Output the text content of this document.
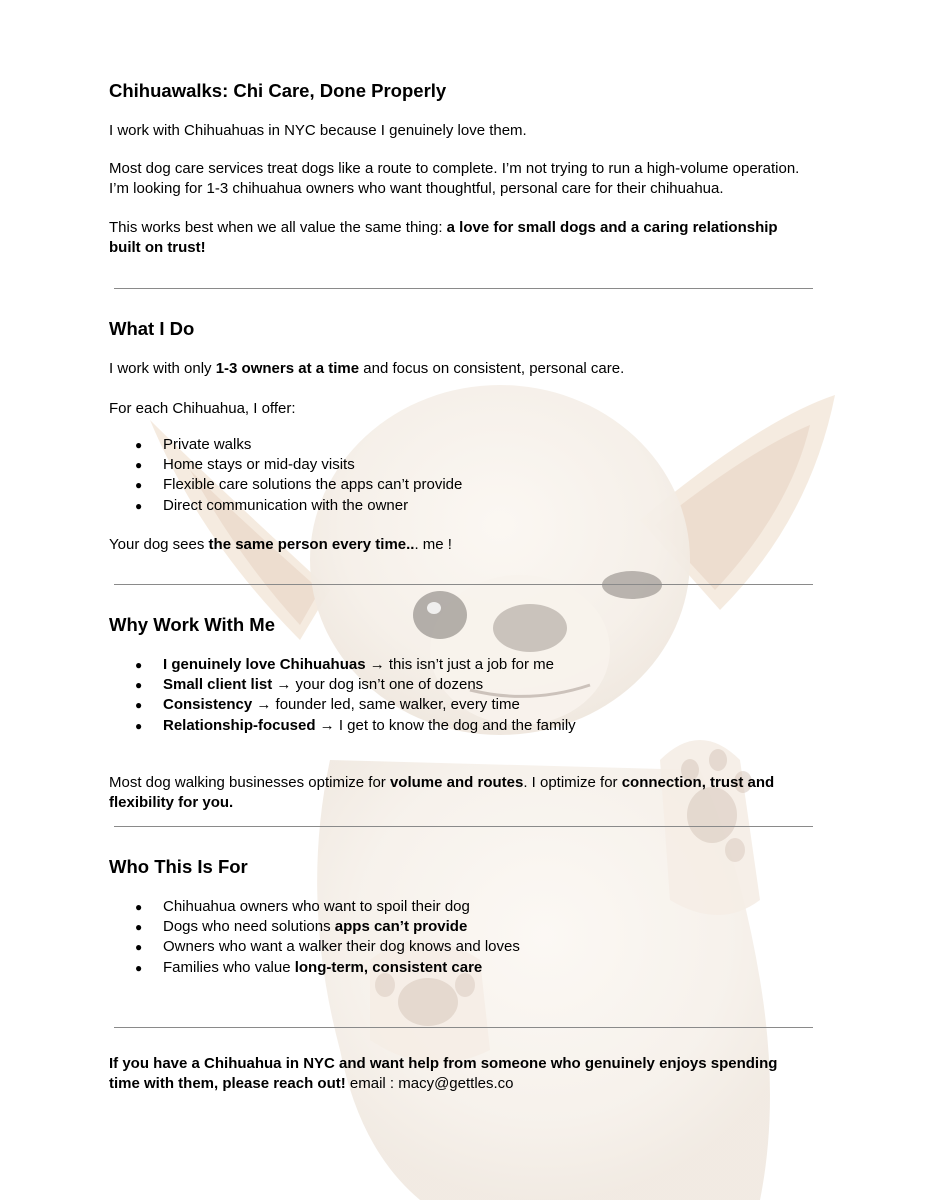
Chihuawalks: Chi Care, Done Properly

I work with Chihuahuas in NYC because I genuinely love them.

Most dog care services treat dogs like a route to complete. I’m not trying to run a high-volume operation.
I’m looking for 1-3 chihuahua owners who want thoughtful, personal care for their chihuahua.

This works best when we all value the same thing: a love for small dogs and a caring relationship built on trust!

What I Do

I work with only 1-3 owners at a time and focus on consistent, personal care.

For each Chihuahua, I offer:

● Private walks
● Home stays or mid-day visits
● Flexible care solutions the apps can’t provide
● Direct communication with the owner

Your dog sees the same person every time... me !

Why Work With Me
● I genuinely love Chihuahuas → this isn’t just a job for me
● Small client list → your dog isn’t one of dozens
● Consistency → founder led, same walker, every time
● Relationship-focused → I get to know the dog and the family

Most dog walking businesses optimize for volume and routes. I optimize for connection, trust and flexibility for you.

Who This Is For
● Chihuahua owners who want to spoil their dog
● Dogs who need solutions apps can’t provide
● Owners who want a walker their dog knows and loves
● Families who value long-term, consistent care

If you have a Chihuahua in NYC and want help from someone who genuinely enjoys spending time with them, please reach out! email : macy@gettles.co
